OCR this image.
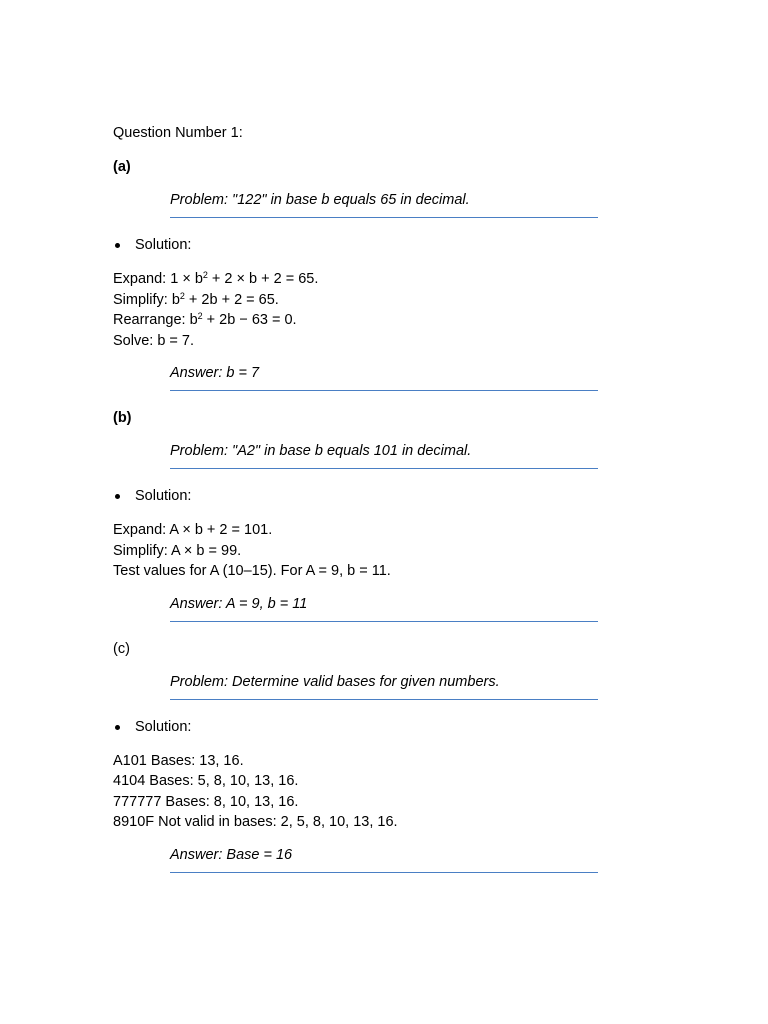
Question Number 1:

(a)

Problem: "122" in base b equals 65 in decimal.
Solution:
Expand: $1 \times b^2 + 2 \times b + 2 = 65$.
Simplify: $b^2 + 2b + 2 = 65$.
Rearrange: $b^2 + 2b - 63 = 0$.
Solve: b = 7.
Answer: b = 7

(b)

Problem: "A2" in base b equals 101 in decimal.
Solution:
Expand: A × b + 2 = 101.
Simplify: A × b = 99.
Test values for A (10–15). For A = 9, b = 11.
Answer: A = 9, b = 11

(c)

Problem: Determine valid bases for given numbers.
Solution:
A101 Bases: 13, 16.
4104 Bases: 5, 8, 10, 13, 16.
777777 Bases: 8, 10, 13, 16.
8910F Not valid in bases: 2, 5, 8, 10, 13, 16.
Answer: Base = 16
